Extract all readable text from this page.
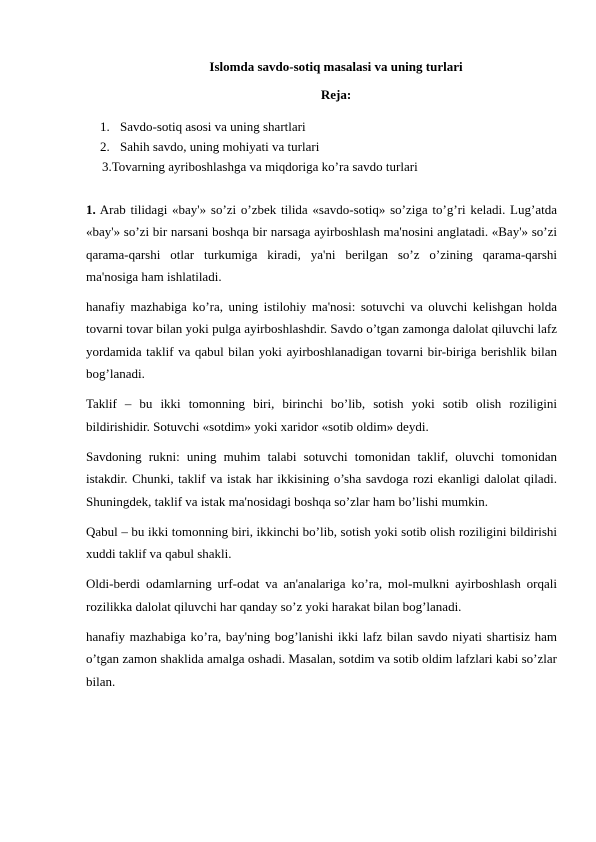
Islomda savdo-sotiq masalasi va uning turlari
Reja:
1. Savdo-sotiq asosi va uning shartlari
2. Sahih savdo, uning mohiyati va turlari
3.Tovarning ayriboshlashga va miqdoriga ko’ra savdo turlari

1. Arab tilidagi «bay'» so’zi o’zbek tilida «savdo-sotiq» so’ziga to’g’ri keladi. Lug’atda «bay'» so’zi bir narsani boshqa bir narsaga ayirboshlash ma'nosini anglatadi. «Bay'» so’zi qarama-qarshi otlar turkumiga kiradi, ya'ni berilgan so’z o’zining qarama-qarshi ma'nosiga ham ishlatiladi.

hanafiy mazhabiga ko’ra, uning istilohiy ma'nosi: sotuvchi va oluvchi kelishgan holda tovarni tovar bilan yoki pulga ayirboshlashdir. Savdo o’tgan zamonga dalolat qiluvchi lafz yordamida taklif va qabul bilan yoki ayirboshlanadigan tovarni bir-biriga berishlik bilan bog’lanadi.

Taklif – bu ikki tomonning biri, birinchi bo’lib, sotish yoki sotib olish roziligini bildirishidir. Sotuvchi «sotdim» yoki xaridor «sotib oldim» deydi.

Savdoning rukni: uning muhim talabi sotuvchi tomonidan taklif, oluvchi tomonidan istakdir. Chunki, taklif va istak har ikkisining o’sha savdoga rozi ekanligi dalolat qiladi. Shuningdek, taklif va istak ma'nosidagi boshqa so’zlar ham bo’lishi mumkin.

Qabul – bu ikki tomonning biri, ikkinchi bo’lib, sotish yoki sotib olish roziligini bildirishi xuddi taklif va qabul shakli.

Oldi-berdi odamlarning urf-odat va an'analariga ko’ra, mol-mulkni ayirboshlash orqali rozilikka dalolat qiluvchi har qanday so’z yoki harakat bilan bog’lanadi.

hanafiy mazhabiga ko’ra, bay'ning bog’lanishi ikki lafz bilan savdo niyati shartisiz ham o’tgan zamon shaklida amalga oshadi. Masalan, sotdim va sotib oldim lafzlari kabi so’zlar bilan.
